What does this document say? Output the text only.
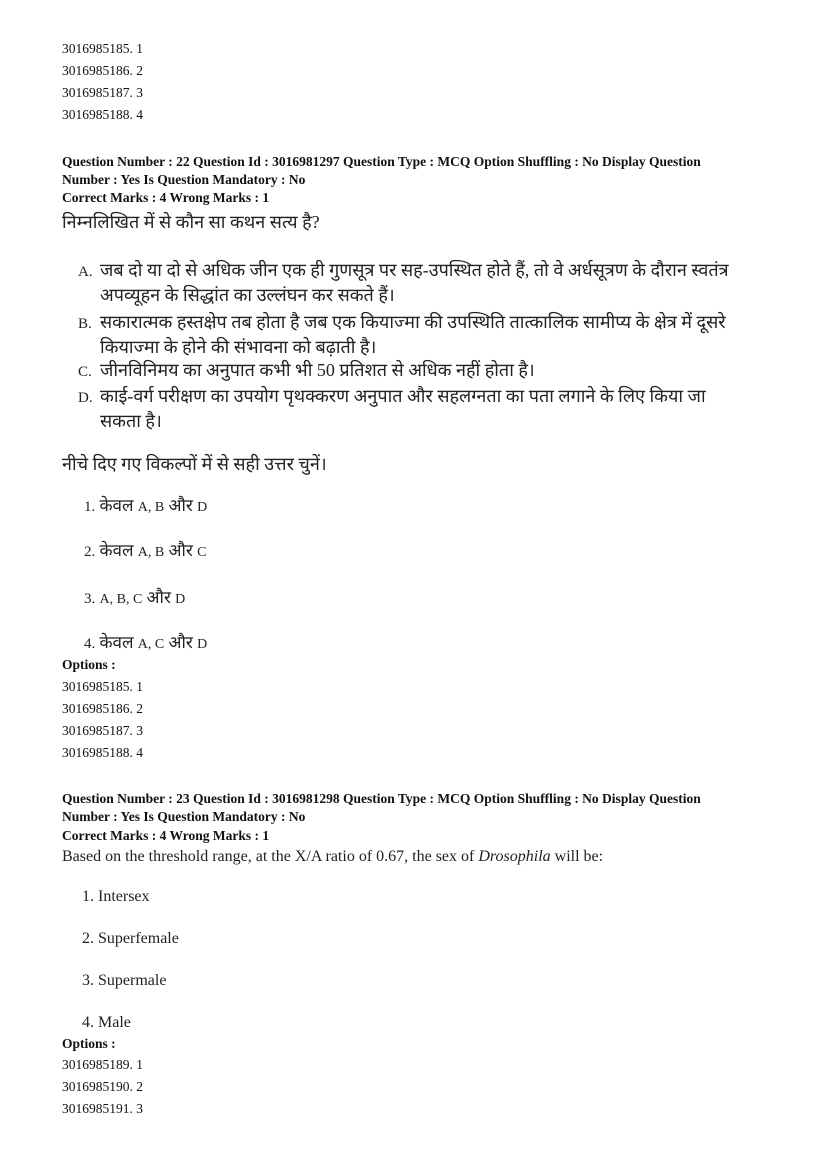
3016985185. 1
3016985186. 2
3016985187. 3
3016985188. 4
Question Number : 22 Question Id : 3016981297 Question Type : MCQ Option Shuffling : No Display Question
Number : Yes Is Question Mandatory : No
Correct Marks : 4 Wrong Marks : 1
निम्नलिखित में से कौन सा कथन सत्य है?
A. जब दो या दो से अधिक जीन एक ही गुणसूत्र पर सह-उपस्थित होते हैं, तो वे अर्धसूत्रण के दौरान स्वतंत्र
अपव्यूहन के सिद्धांत का उल्लंघन कर सकते हैं।
B. सकारात्मक हस्तक्षेप तब होता है जब एक कियाज्मा की उपस्थिति तात्कालिक सामीप्य के क्षेत्र में दूसरे
कियाज्मा के होने की संभावना को बढ़ाती है।
C. जीनविनिमय का अनुपात कभी भी 50 प्रतिशत से अधिक नहीं होता है।
D. काई-वर्ग परीक्षण का उपयोग पृथक्करण अनुपात और सहलग्नता का पता लगाने के लिए किया जा
सकता है।
नीचे दिए गए विकल्पों में से सही उत्तर चुनें।
1. केवल A, B और D
2. केवल A, B और C
3. A, B, C और D
4. केवल A, C और D
Options :
3016985185. 1
3016985186. 2
3016985187. 3
3016985188. 4
Question Number : 23 Question Id : 3016981298 Question Type : MCQ Option Shuffling : No Display Question
Number : Yes Is Question Mandatory : No
Correct Marks : 4 Wrong Marks : 1
Based on the threshold range, at the X/A ratio of 0.67, the sex of Drosophila will be:
1. Intersex
2. Superfemale
3. Supermale
4. Male
Options :
3016985189. 1
3016985190. 2
3016985191. 3
